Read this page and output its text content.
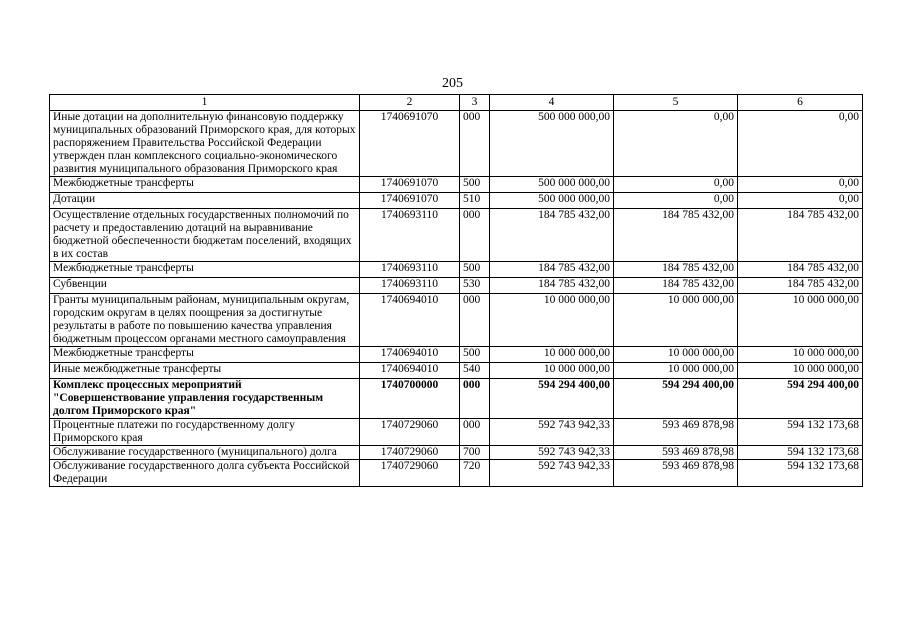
205
1	2	3	4	5	6
Иные дотации на дополнительную финансовую поддержку муниципальных образований Приморского края, для которых распоряжением Правительства Российской Федерации утвержден план комплексного социально-экономического развития муниципального образования Приморского края	1740691070	000	500 000 000,00	0,00	0,00
Межбюджетные трансферты	1740691070	500	500 000 000,00	0,00	0,00
Дотации	1740691070	510	500 000 000,00	0,00	0,00
Осуществление отдельных государственных полномочий по расчету и предоставлению дотаций на выравнивание бюджетной обеспеченности бюджетам поселений, входящих в их состав	1740693110	000	184 785 432,00	184 785 432,00	184 785 432,00
Межбюджетные трансферты	1740693110	500	184 785 432,00	184 785 432,00	184 785 432,00
Субвенции	1740693110	530	184 785 432,00	184 785 432,00	184 785 432,00
Гранты муниципальным районам, муниципальным округам, городским округам в целях поощрения за достигнутые результаты в работе по повышению качества управления бюджетным процессом органами местного самоуправления	1740694010	000	10 000 000,00	10 000 000,00	10 000 000,00
Межбюджетные трансферты	1740694010	500	10 000 000,00	10 000 000,00	10 000 000,00
Иные межбюджетные трансферты	1740694010	540	10 000 000,00	10 000 000,00	10 000 000,00
Комплекс процессных мероприятий "Совершенствование управления государственным долгом Приморского края"	1740700000	000	594 294 400,00	594 294 400,00	594 294 400,00
Процентные платежи по государственному долгу Приморского края	1740729060	000	592 743 942,33	593 469 878,98	594 132 173,68
Обслуживание государственного (муниципального) долга	1740729060	700	592 743 942,33	593 469 878,98	594 132 173,68
Обслуживание государственного долга субъекта Российской Федерации	1740729060	720	592 743 942,33	593 469 878,98	594 132 173,68
